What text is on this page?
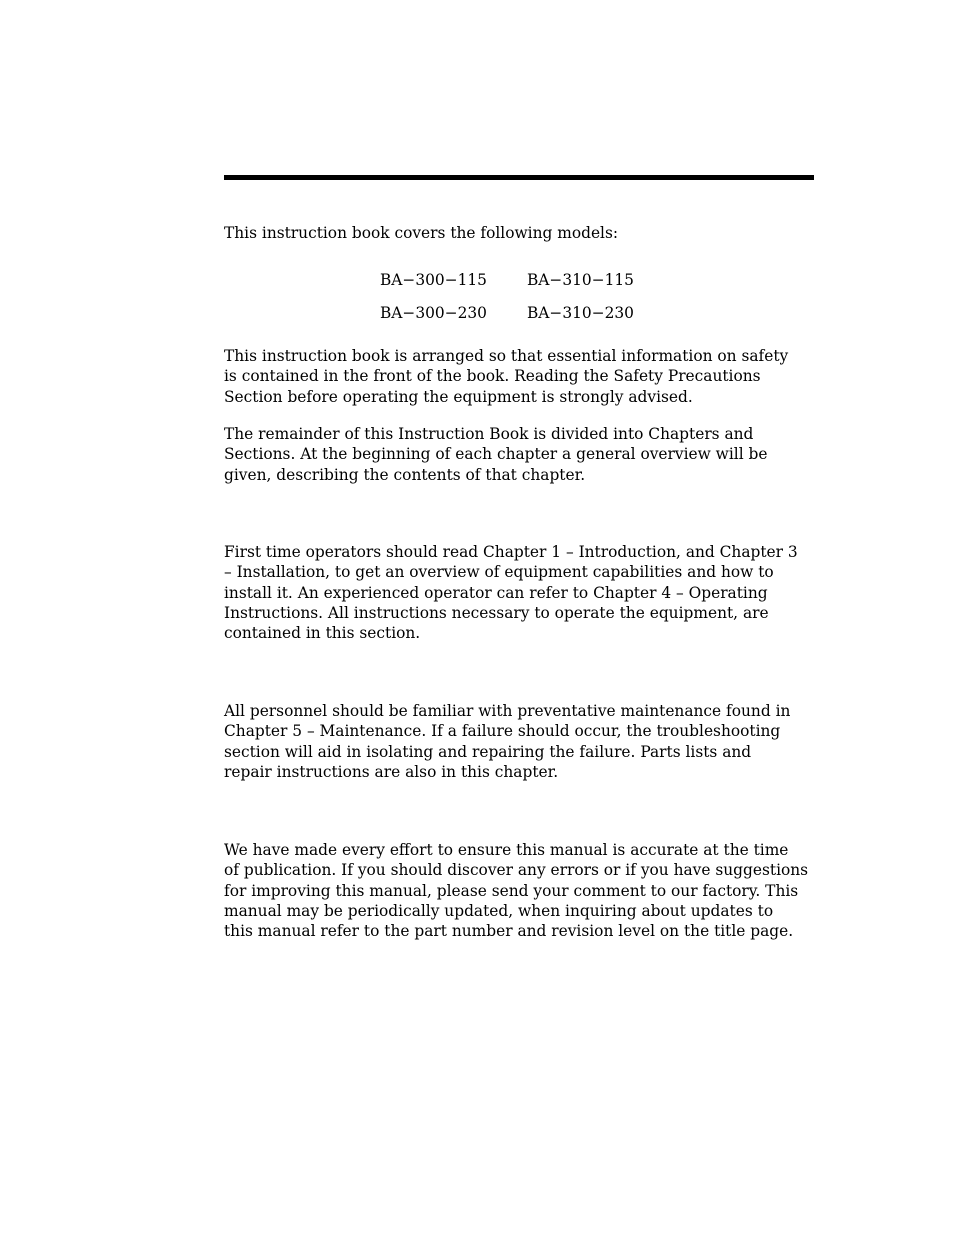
This instruction book covers the following models:

BA−300−115	BA−310−115
BA−300−230	BA−310−230

This instruction book is arranged so that essential information on safety
is contained in the front of the book. Reading the Safety Precautions
Section before operating the equipment is strongly advised.

The remainder of this Instruction Book is divided into Chapters and
Sections. At the beginning of each chapter a general overview will be
given, describing the contents of that chapter.

First time operators should read Chapter 1 – Introduction, and Chapter 3
– Installation, to get an overview of equipment capabilities and how to
install it. An experienced operator can refer to Chapter 4 – Operating
Instructions. All instructions necessary to operate the equipment, are
contained in this section.

All personnel should be familiar with preventative maintenance found in
Chapter 5 – Maintenance. If a failure should occur, the troubleshooting
section will aid in isolating and repairing the failure. Parts lists and
repair instructions are also in this chapter.

We have made every effort to ensure this manual is accurate at the time
of publication. If you should discover any errors or if you have suggestions
for improving this manual, please send your comment to our factory. This
manual may be periodically updated, when inquiring about updates to
this manual refer to the part number and revision level on the title page.
